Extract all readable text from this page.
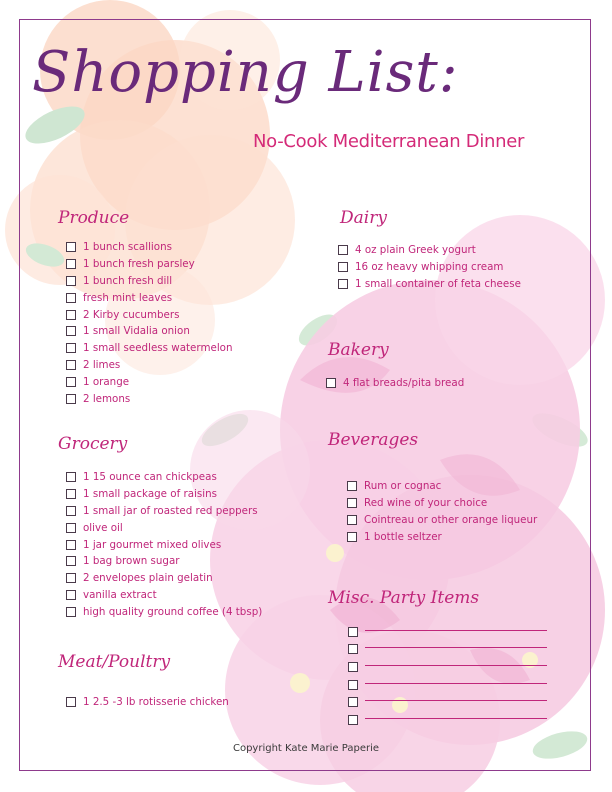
Shopping List:
No-Cook Mediterranean Dinner
Produce
1 bunch scallions
1 bunch fresh parsley
1 bunch fresh dill
fresh mint leaves
2 Kirby cucumbers
1 small Vidalia onion
1 small seedless watermelon
2 limes
1 orange
2 lemons
Grocery
1 15 ounce can chickpeas
1 small package of raisins
1 small jar of roasted red peppers
olive oil
1 jar gourmet mixed olives
1 bag brown sugar
2 envelopes plain gelatin
vanilla extract
high quality ground coffee (4 tbsp)
Meat/Poultry
1 2.5 -3 lb rotisserie chicken
Dairy
4 oz plain Greek yogurt
16 oz heavy whipping cream
1 small container of feta cheese
Bakery
4 flat breads/pita bread
Beverages
Rum or cognac
Red wine of your choice
Cointreau or other orange liqueur
1 bottle seltzer
Misc. Party Items
Copyright Kate Marie Paperie
